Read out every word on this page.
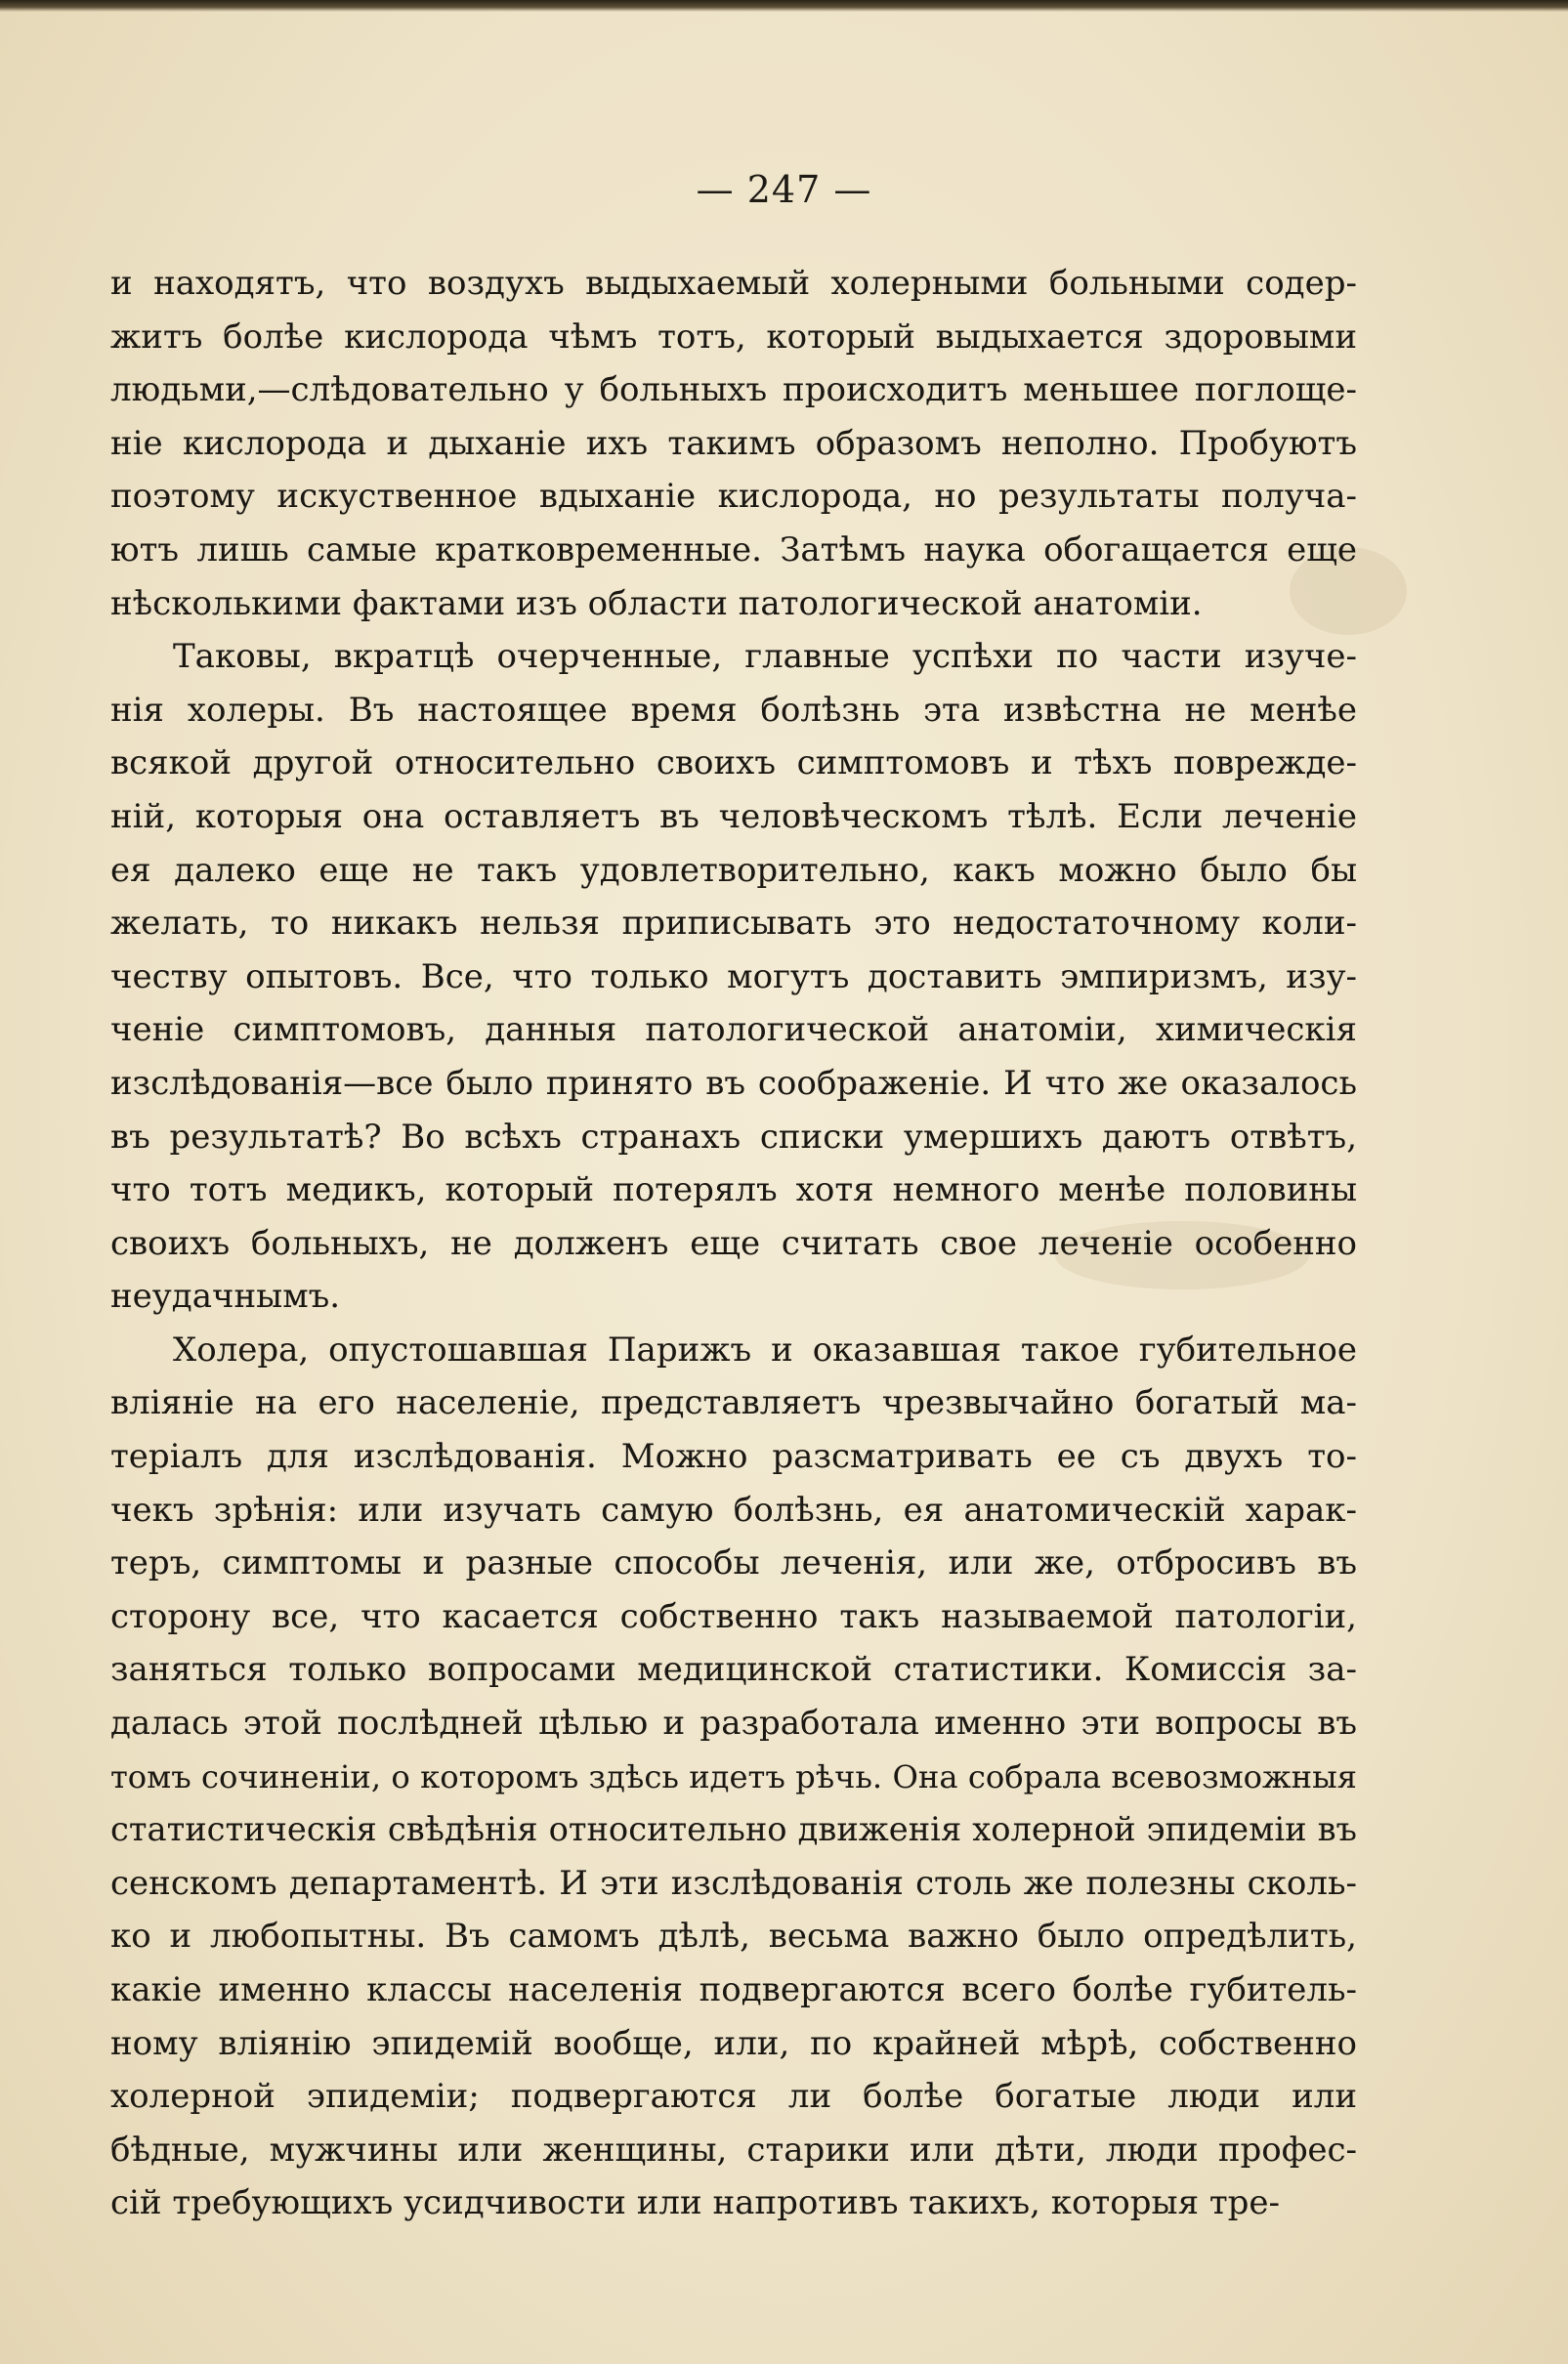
— 247 —
и находятъ, что воздухъ выдыхаемый холерными больными содер-
житъ болѣе кислорода чѣмъ тотъ, который выдыхается здоровыми
людьми,—слѣдовательно у больныхъ происходитъ меньшее поглоще-
ніе кислорода и дыханіе ихъ такимъ образомъ неполно. Пробуютъ
поэтому искуственное вдыханіе кислорода, но результаты получа-
ютъ лишь самые кратковременные. Затѣмъ наука обогащается еще
нѣсколькими фактами изъ области патологической анатоміи.
Таковы, вкратцѣ очерченные, главные успѣхи по части изуче-
нія холеры. Въ настоящее время болѣзнь эта извѣстна не менѣе
всякой другой относительно своихъ симптомовъ и тѣхъ поврежде-
ній, которыя она оставляетъ въ человѣческомъ тѣлѣ. Если леченіе
ея далеко еще не такъ удовлетворительно, какъ можно было бы
желать, то никакъ нельзя приписывать это недостаточному коли-
честву опытовъ. Все, что только могутъ доставить эмпиризмъ, изу-
ченіе симптомовъ, данныя патологической анатоміи, химическія
изслѣдованія—все было принято въ соображеніе. И что же оказалось
въ результатѣ? Во всѣхъ странахъ списки умершихъ даютъ отвѣтъ,
что тотъ медикъ, который потерялъ хотя немного менѣе половины
своихъ больныхъ, не долженъ еще считать свое леченіе особенно
неудачнымъ.
Холера, опустошавшая Парижъ и оказавшая такое губительное
вліяніе на его населеніе, представляетъ чрезвычайно богатый ма-
теріалъ для изслѣдованія. Можно разсматривать ее съ двухъ то-
чекъ зрѣнія: или изучать самую болѣзнь, ея анатомическій харак-
теръ, симптомы и разные способы леченія, или же, отбросивъ въ
сторону все, что касается собственно такъ называемой патологіи,
заняться только вопросами медицинской статистики. Комиссія за-
далась этой послѣдней цѣлью и разработала именно эти вопросы въ
томъ сочиненіи, о которомъ здѣсь идетъ рѣчь. Она собрала всевозможныя
статистическія свѣдѣнія относительно движенія холерной эпидеміи въ
сенскомъ департаментѣ. И эти изслѣдованія столь же полезны сколь-
ко и любопытны. Въ самомъ дѣлѣ, весьма важно было опредѣлить,
какіе именно классы населенія подвергаются всего болѣе губитель-
ному вліянію эпидемій вообще, или, по крайней мѣрѣ, собственно
холерной эпидеміи; подвергаются ли болѣе богатые люди или
бѣдные, мужчины или женщины, старики или дѣти, люди профес-
сій требующихъ усидчивости или напротивъ такихъ, которыя тре-
